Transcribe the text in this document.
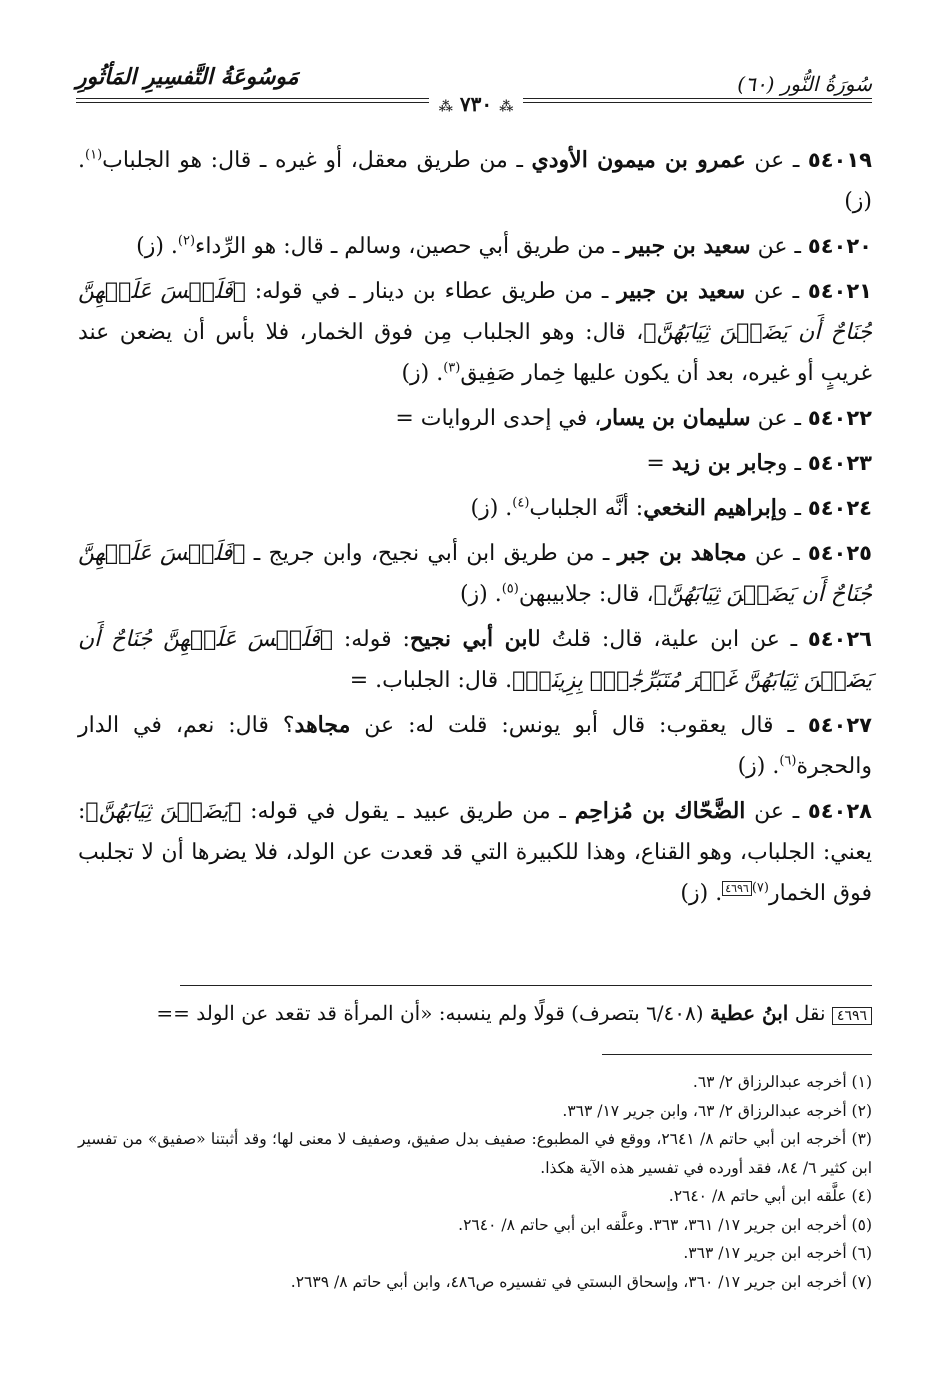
سُورَةُ النُّور (٦٠)
مَوسُوعَةُ التَّفسِيرِ المَأثُورِ
⁂ ٧٣٠ ⁂
٥٤٠١٩ ـ عن عمرو بن ميمون الأودي ـ من طريق معقل، أو غيره ـ قال: هو الجلباب$^{(١)}$. (ز)
٥٤٠٢٠ ـ عن سعيد بن جبير ـ من طريق أبي حصين، وسالم ـ قال: هو الرِّداء$^{(٢)}$. (ز)
٥٤٠٢١ ـ عن سعيد بن جبير ـ من طريق عطاء بن دينار ـ في قوله: ﴿فَلَيۡسَ عَلَيۡهِنَّ جُنَاحٌ أَن يَضَعۡنَ ثِيَابَهُنَّ﴾، قال: وهو الجلباب مِن فوق الخمار، فلا بأس أن يضعن عند غريبٍ أو غيره، بعد أن يكون عليها خِمار صَفِيق$^{(٣)}$. (ز)
٥٤٠٢٢ ـ عن سليمان بن يسار، في إحدى الروايات =
٥٤٠٢٣ ـ وجابر بن زيد =
٥٤٠٢٤ ـ وإبراهيم النخعي: أنَّه الجلباب$^{(٤)}$. (ز)
٥٤٠٢٥ ـ عن مجاهد بن جبر ـ من طريق ابن أبي نجيح، وابن جريج ـ ﴿فَلَيۡسَ عَلَيۡهِنَّ جُنَاحٌ أَن يَضَعۡنَ ثِيَابَهُنَّ﴾، قال: جلابيبهن$^{(٥)}$. (ز)
٥٤٠٢٦ ـ عن ابن علية، قال: قلتُ لابن أبي نجيح: قوله: ﴿فَلَيۡسَ عَلَيۡهِنَّ جُنَاحٌ أَن يَضَعۡنَ ثِيَابَهُنَّ غَيۡرَ مُتَبَرِّجَٰتِۭ بِزِينَةٖ﴾. قال: الجلباب. =
٥٤٠٢٧ ـ قال يعقوب: قال أبو يونس: قلت له: عن مجاهد؟ قال: نعم، في الدار والحجرة$^{(٦)}$. (ز)
٥٤٠٢٨ ـ عن الضَّحّاك بن مُزاحِم ـ من طريق عبيد ـ يقول في قوله: ﴿يَضَعۡنَ ثِيَابَهُنَّ﴾: يعني: الجلباب، وهو القناع، وهذا للكبيرة التي قد قعدت عن الولد، فلا يضرها أن لا تجلبب فوق الخمار$^{(٧)٤٦٩٦}$. (ز)
٤٦٩٦ نقل ابنُ عطية (٦/٤٠٨ بتصرف) قولًا ولم ينسبه: «أن المرأة قد تقعد عن الولد ==
(١) أخرجه عبدالرزاق ٢/ ٦٣.
(٢) أخرجه عبدالرزاق ٢/ ٦٣، وابن جرير ١٧/ ٣٦٣.
(٣) أخرجه ابن أبي حاتم ٨/ ٢٦٤١، ووقع في المطبوع: صفيف بدل صفيق، وصفيف لا معنى لها؛ وقد أثبتنا «صفيق» من تفسير ابن كثير ٦/ ٨٤، فقد أورده في تفسير هذه الآية هكذا.
(٤) علَّقه ابن أبي حاتم ٨/ ٢٦٤٠.
(٥) أخرجه ابن جرير ١٧/ ٣٦١، ٣٦٣. وعلَّقه ابن أبي حاتم ٨/ ٢٦٤٠.
(٦) أخرجه ابن جرير ١٧/ ٣٦٣.
(٧) أخرجه ابن جرير ١٧/ ٣٦٠، وإسحاق البستي في تفسيره ص٤٨٦، وابن أبي حاتم ٨/ ٢٦٣٩.
